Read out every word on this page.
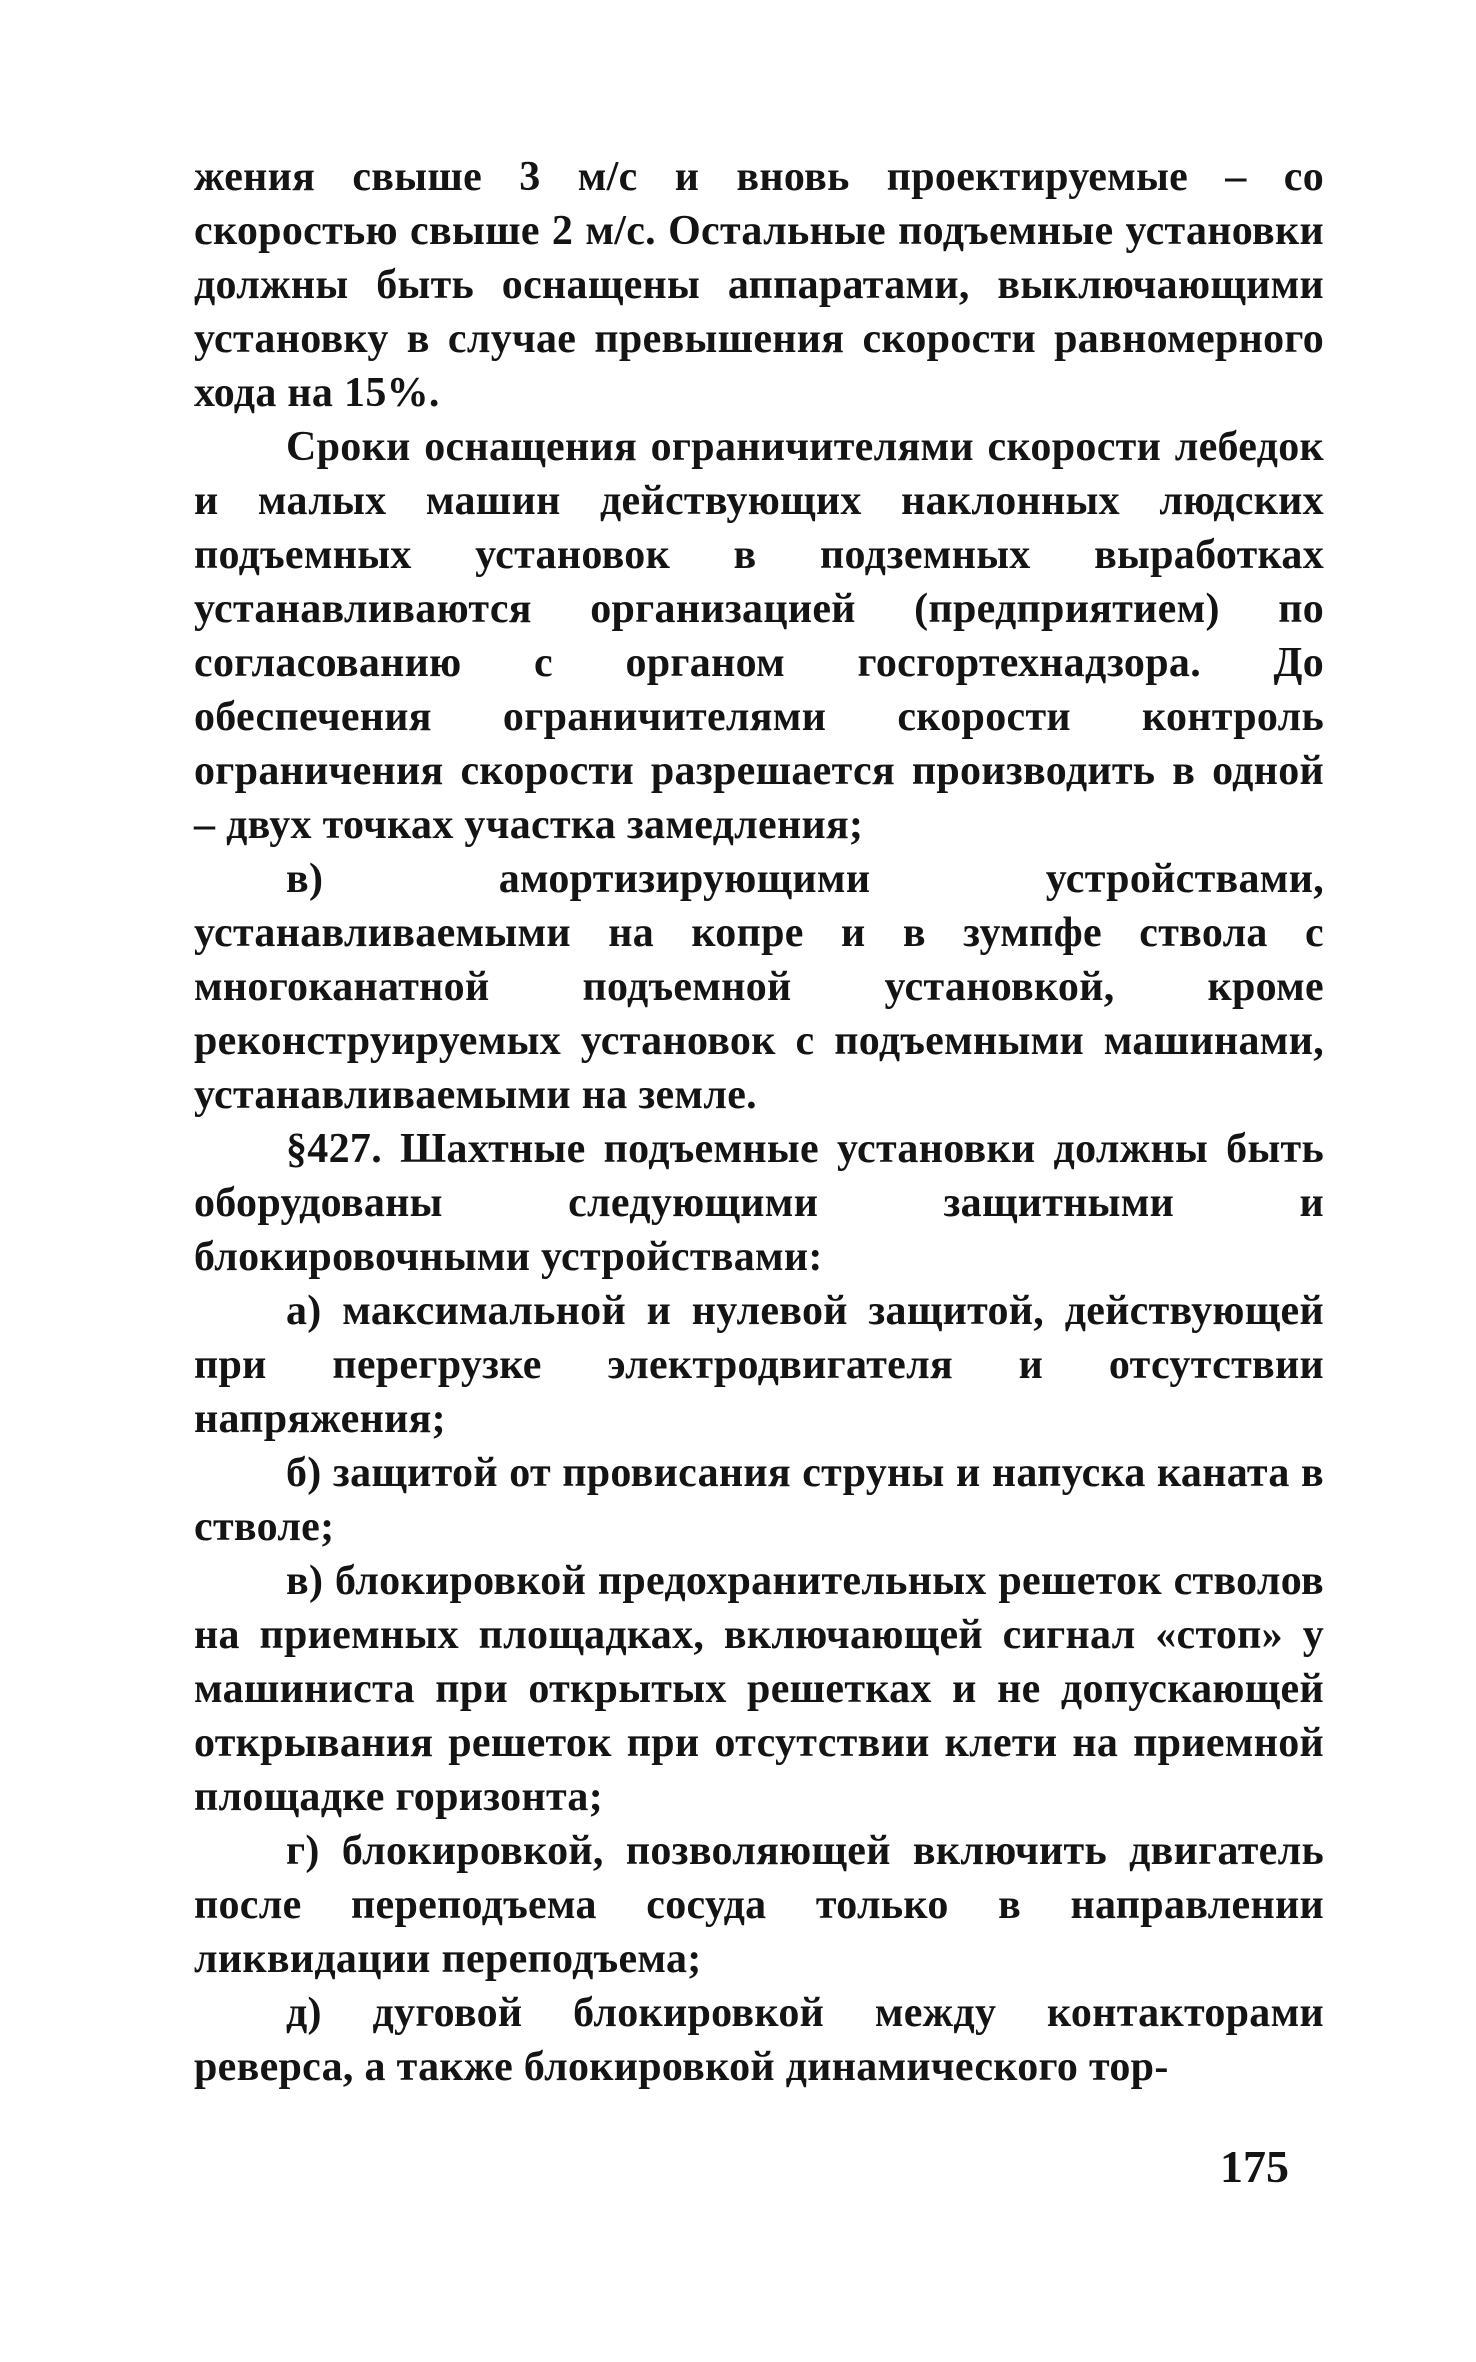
жения свыше 3 м/с и вновь проектируемые – со скоростью свыше 2 м/с. Остальные подъемные установки должны быть оснащены аппаратами, выключающими установку в случае превышения скорости равномерного хода на 15%.

Сроки оснащения ограничителями скорости лебедок и малых машин действующих наклонных людских подъемных установок в подземных выработках устанавливаются организацией (предприятием) по согласованию с органом госгортехнадзора. До обеспечения ограничителями скорости контроль ограничения скорости разрешается производить в одной – двух точках участка замедления;

в) амортизирующими устройствами, устанавливаемыми на копре и в зумпфе ствола с многоканатной подъемной установкой, кроме реконструируемых установок с подъемными машинами, устанавливаемыми на земле.

§427. Шахтные подъемные установки должны быть оборудованы следующими защитными и блокировочными устройствами:

а) максимальной и нулевой защитой, действующей при перегрузке электродвигателя и отсутствии напряжения;

б) защитой от провисания струны и напуска каната в стволе;

в) блокировкой предохранительных решеток стволов на приемных площадках, включающей сигнал «стоп» у машиниста при открытых решетках и не допускающей открывания решеток при отсутствии клети на приемной площадке горизонта;

г) блокировкой, позволяющей включить двигатель после переподъема сосуда только в направлении ликвидации переподъема;

д) дуговой блокировкой между контакторами реверса, а также блокировкой динамического тор-

175
